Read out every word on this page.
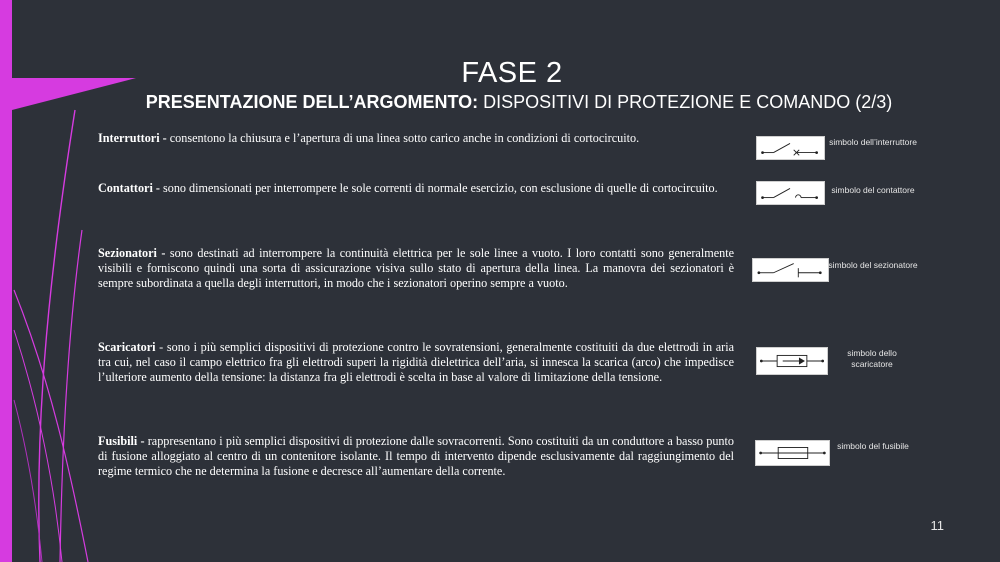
FASE 2
PRESENTAZIONE DELL’ARGOMENTO: DISPOSITIVI DI PROTEZIONE E COMANDO (2/3)
Interruttori - consentono la chiusura e l’apertura di una linea sotto carico anche in condizioni di cortocircuito.	simbolo dell’interruttore
Contattori - sono dimensionati per interrompere le sole correnti di normale esercizio, con esclusione di quelle di cortocircuito.	simbolo del contattore
Sezionatori - sono destinati ad interrompere la continuità elettrica per le sole linee a vuoto. I loro contatti sono generalmente visibili e forniscono quindi una sorta di assicurazione visiva sullo stato di apertura della linea. La manovra dei sezionatori è sempre subordinata a quella degli interruttori, in modo che i sezionatori operino sempre a vuoto.
simbolo del sezionatore
Scaricatori - sono i più semplici dispositivi di protezione contro le sovratensioni, generalmente costituiti da due elettrodi in aria tra cui, nel caso il campo elettrico fra gli elettrodi superi la rigidità dielettrica dell’aria, si innesca la scarica (arco) che impedisce l’ulteriore aumento della tensione: la distanza fra gli elettrodi è scelta in base al valore di limitazione della tensione.
simbolo dello scaricatore
Fusibili - rappresentano i più semplici dispositivi di protezione dalle sovracorrenti. Sono costituiti da un conduttore a basso punto di fusione alloggiato al centro di un contenitore isolante. Il tempo di intervento dipende esclusivamente dal raggiungimento del regime termico che ne determina la fusione e decresce all’aumentare della corrente.
simbolo del fusibile
11
